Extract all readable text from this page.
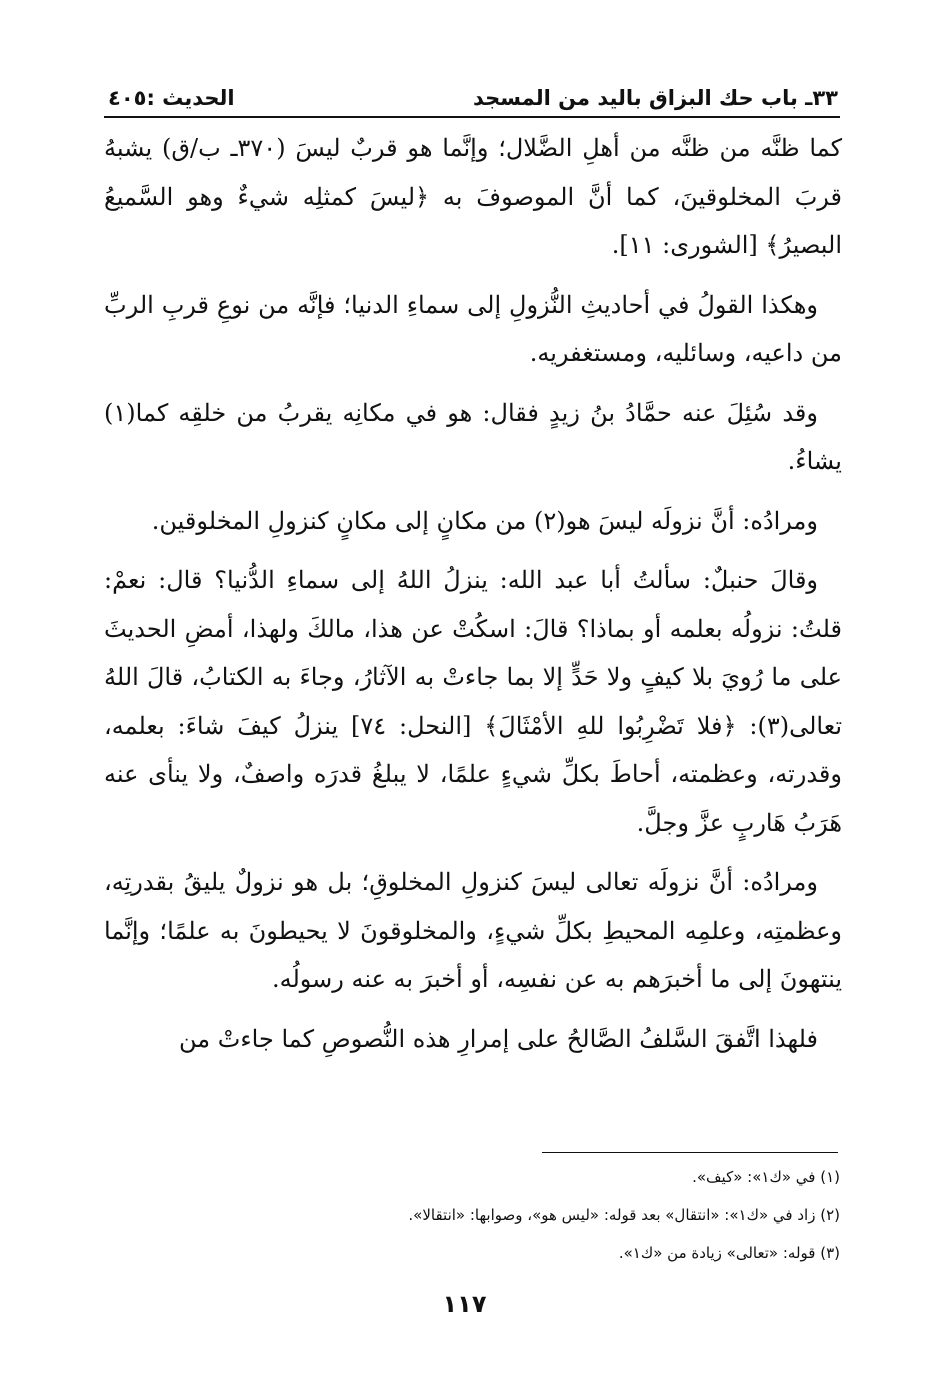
٣٣ـ باب حك البزاق باليد من المسجد
الحديث :٤٠٥

كما ظنَّه من ظنَّه من أهلِ الضَّلال؛ وإنَّما هو قربٌ ليسَ (٣٧٠ـ ب/ق) يشبهُ قربَ المخلوقينَ، كما أنَّ الموصوفَ به ﴿ليسَ كمثلِه شيءٌ وهو السَّميعُ البصيرُ﴾ [الشورى: ١١].

وهكذا القولُ في أحاديثِ النُّزولِ إلى سماءِ الدنيا؛ فإنَّه من نوعِ قربِ الربِّ من داعيه، وسائليه، ومستغفريه.

وقد سُئِلَ عنه حمَّادُ بنُ زيدٍ فقال: هو في مكانِه يقربُ من خلقِه كما(١) يشاءُ.

ومرادُه: أنَّ نزولَه ليسَ هو(٢) من مكانٍ إلى مكانٍ كنزولِ المخلوقين.

وقالَ حنبلٌ: سألتُ أبا عبد الله: ينزلُ اللهُ إلى سماءِ الدُّنيا؟ قال: نعمْ: قلتُ: نزولُه بعلمه أو بماذا؟ قالَ: اسكُتْ عن هذا، مالكَ ولهذا، أمضِ الحديثَ على ما رُويَ بلا كيفٍ ولا حَدٍّ إلا بما جاءتْ به الآثارُ، وجاءَ به الكتابُ، قالَ اللهُ تعالى(٣): ﴿فلا تَضْرِبُوا للهِ الأمْثَالَ﴾ [النحل: ٧٤] ينزلُ كيفَ شاءَ: بعلمه، وقدرته، وعظمته، أحاطَ بكلِّ شيءٍ علمًا، لا يبلغُ قدرَه واصفٌ، ولا ينأى عنه هَرَبُ هَاربٍ عزَّ وجلَّ.

ومرادُه: أنَّ نزولَه تعالى ليسَ كنزولِ المخلوقِ؛ بل هو نزولٌ يليقُ بقدرتِه، وعظمتِه، وعلمِه المحيطِ بكلِّ شيءٍ، والمخلوقونَ لا يحيطونَ به علمًا؛ وإنَّما ينتهونَ إلى ما أخبرَهم به عن نفسِه، أو أخبرَ به عنه رسولُه.

فلهذا اتَّفقَ السَّلفُ الصَّالحُ على إمرارِ هذه النُّصوصِ كما جاءتْ من

(١) في «ك١»: «كيف».
(٢) زاد في «ك١»: «انتقال» بعد قوله: «ليس هو»، وصوابها: «انتقالا».
(٣) قوله: «تعالى» زيادة من «ك١».
١١٧
